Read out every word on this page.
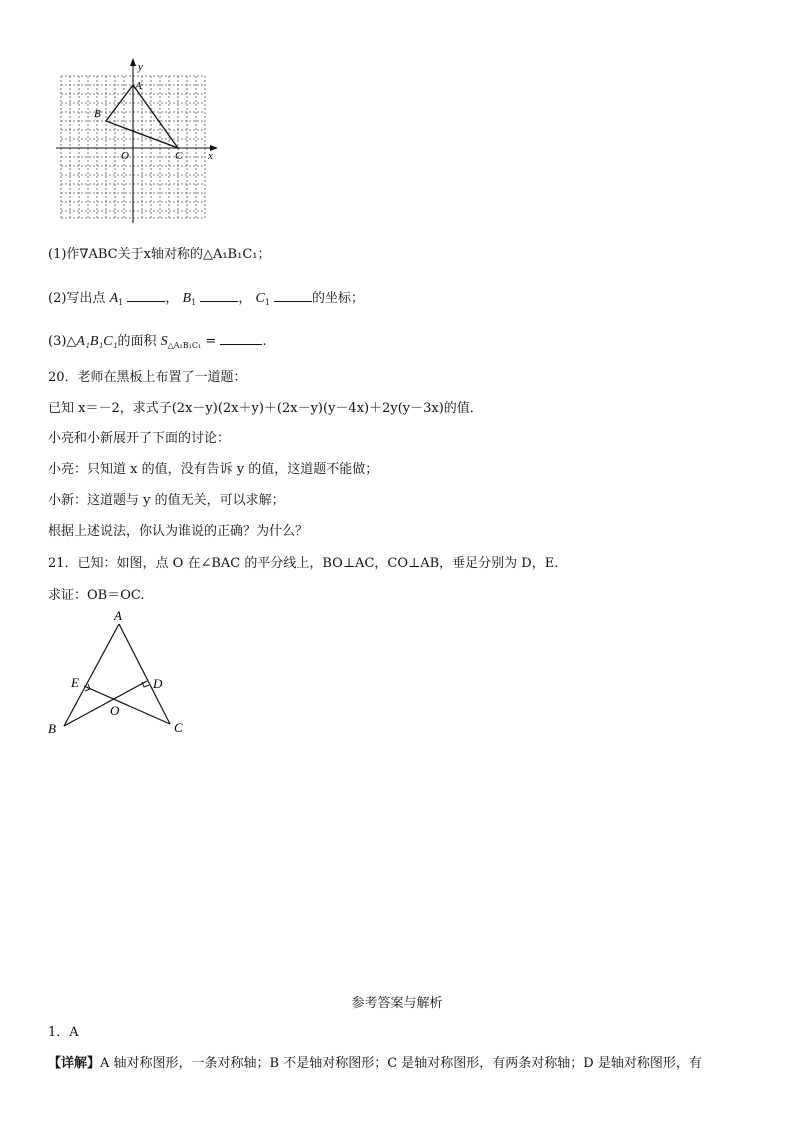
y
A
B
O	C x
(1)作∇ABC关于x轴对称的△A₁B₁C₁；
(2)写出点 $A_1$	， $B_1$	， $C_1$	的坐标；
(3)△A₁B₁C₁的面积 $S_{\triangle A_1B_1C_1}$ =	.
20．老师在黑板上布置了一道题：
已知 x＝－2，求式子(2x－y)(2x＋y)＋(2x－y)(y－4x)＋2y(y－3x)的值．
小亮和小新展开了下面的讨论：
小亮：只知道 x 的值，没有告诉 y 的值，这道题不能做；
小新：这道题与 y 的值无关，可以求解；
根据上述说法，你认为谁说的正确？为什么？
21．已知：如图，点 O 在∠BAC 的平分线上，BO⊥AC，CO⊥AB，垂足分别为 D，E.
求证：OB＝OC.
A
E	D
O
B	C
参考答案与解析
1．A
【详解】A 轴对称图形，一条对称轴；B 不是轴对称图形；C 是轴对称图形，有两条对称轴；D 是轴对称图形，有
